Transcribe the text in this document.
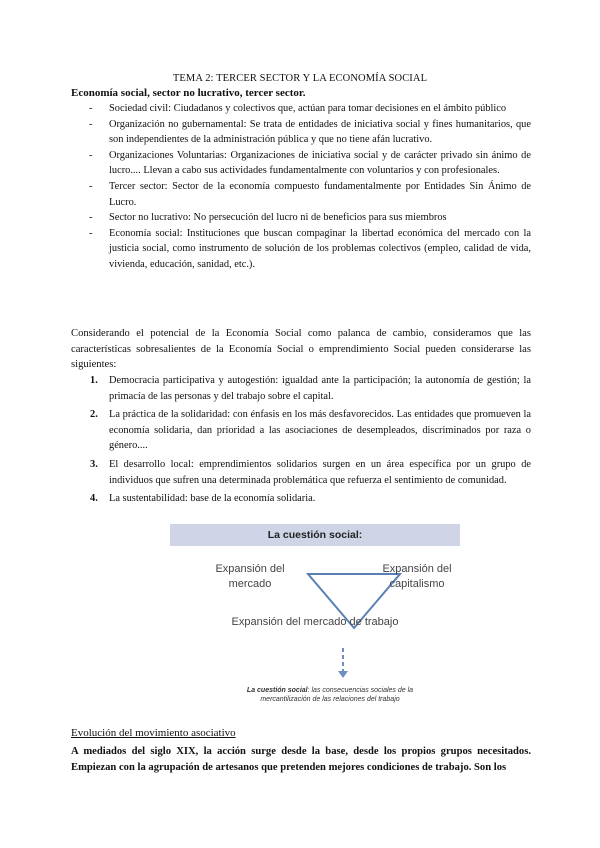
TEMA 2: TERCER SECTOR Y LA ECONOMÍA SOCIAL
Economía social, sector no lucrativo, tercer sector.
- Sociedad civil: Ciudadanos y colectivos que, actúan para tomar decisiones en el ámbito público
- Organización no gubernamental: Se trata de entidades de iniciativa social y fines humanitarios, que son independientes de la administración pública y que no tiene afán lucrativo.
- Organizaciones Voluntarias: Organizaciones de iniciativa social y de carácter privado sin ánimo de lucro.... Llevan a cabo sus actividades fundamentalmente con voluntarios y con profesionales.
- Tercer sector: Sector de la economía compuesto fundamentalmente por Entidades Sin Ánimo de Lucro.
- Sector no lucrativo: No persecución del lucro ni de beneficios para sus miembros
- Economía social: Instituciones que buscan compaginar la libertad económica del mercado con la justicia social, como instrumento de solución de los problemas colectivos (empleo, calidad de vida, vivienda, educación, sanidad, etc.).
Considerando el potencial de la Economía Social como palanca de cambio, consideramos que las características sobresalientes de la Economía Social o emprendimiento Social pueden considerarse las siguientes:
1. Democracia participativa y autogestión: igualdad ante la participación; la autonomía de gestión; la primacía de las personas y del trabajo sobre el capital.
2. La práctica de la solidaridad: con énfasis en los más desfavorecidos. Las entidades que promueven la economía solidaria, dan prioridad a las asociaciones de desempleados, discriminados por raza o género....
3. El desarrollo local: emprendimientos solidarios surgen en un área específica por un grupo de individuos que sufren una determinada problemática que refuerza el sentimiento de comunidad.
4. La sustentabilidad: base de la economía solidaria.
La cuestión social:
Expansión del mercado
Expansión del capitalismo
Expansión del mercado de trabajo
La cuestión social: las consecuencias sociales de la mercantilización de las relaciones del trabajo
Evolución del movimiento asociativo
A mediados del siglo XIX, la acción surge desde la base, desde los propios grupos necesitados. Empiezan con la agrupación de artesanos que pretenden mejores condiciones de trabajo. Son los
